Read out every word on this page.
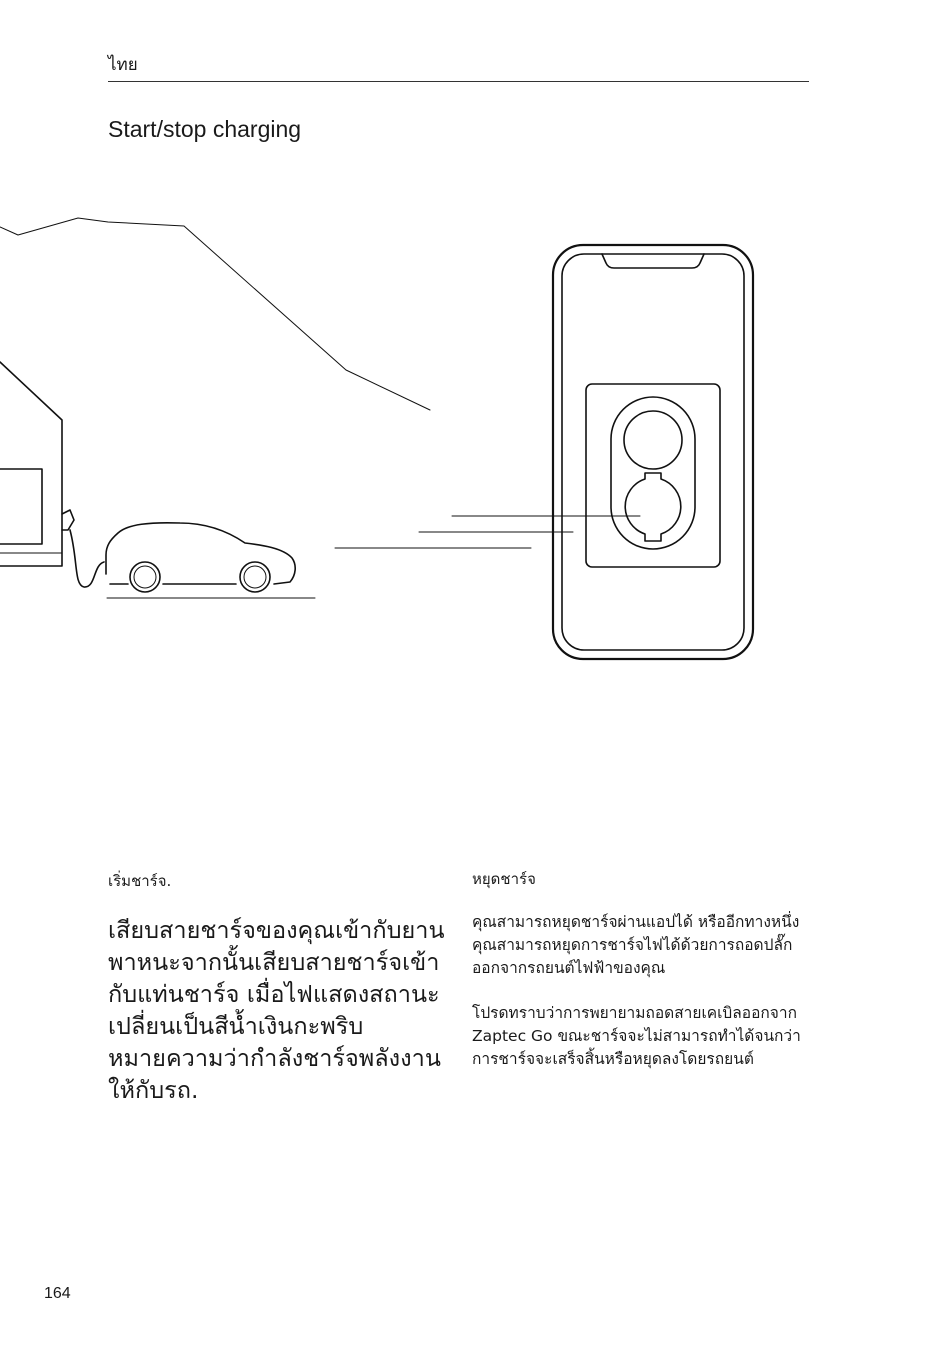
ไทย
Start/stop charging
เริ่มชาร์จ.

เสียบสายชาร์จของคุณเข้ากับยานพาหนะจากนั้นเสียบสายชาร์จเข้ากับแท่นชาร์จ เมื่อไฟแสดงสถานะเปลี่ยนเป็นสีน้ำเงินกะพริบหมายความว่ากำลังชาร์จพลังงานให้กับรถ.

หยุดชาร์จ

คุณสามารถหยุดชาร์จผ่านแอปได้ หรืออีกทางหนึ่ง คุณสามารถหยุดการชาร์จไฟได้ด้วยการถอดปลั๊กออกจากรถยนต์ไฟฟ้าของคุณ

โปรดทราบว่าการพยายามถอดสายเคเบิลออกจาก Zaptec Go ขณะชาร์จจะไม่สามารถทำได้จนกว่าการชาร์จจะเสร็จสิ้นหรือหยุดลงโดยรถยนต์

164
